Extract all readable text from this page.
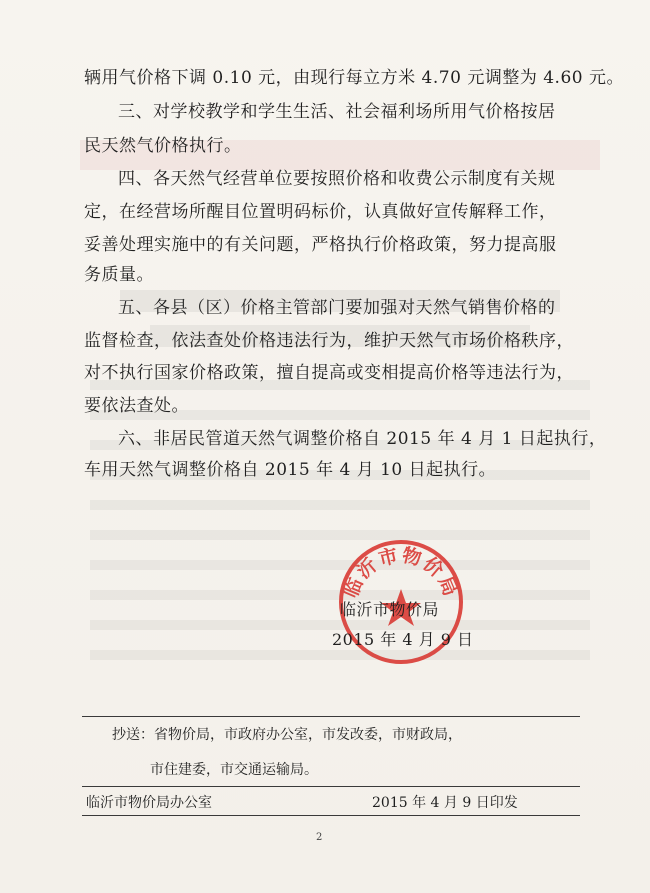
辆用气价格下调 0.10 元，由现行每立方米 4.70 元调整为 4.60 元。
三、对学校教学和学生生活、社会福利场所用气价格按居
民天然气价格执行。
四、各天然气经营单位要按照价格和收费公示制度有关规
定，在经营场所醒目位置明码标价，认真做好宣传解释工作，
妥善处理实施中的有关问题，严格执行价格政策，努力提高服
务质量。
五、各县（区）价格主管部门要加强对天然气销售价格的
监督检查，依法查处价格违法行为，维护天然气市场价格秩序，
对不执行国家价格政策，擅自提高或变相提高价格等违法行为，
要依法查处。
六、非居民管道天然气调整价格自 2015 年 4 月 1 日起执行，
车用天然气调整价格自 2015 年 4 月 10 日起执行。
临沂市物价局
临沂市物价局
2015 年 4 月 9 日
抄送：省物价局，市政府办公室，市发改委，市财政局，
市住建委，市交通运输局。
临沂市物价局办公室	2015 年 4 月 9 日印发
2
